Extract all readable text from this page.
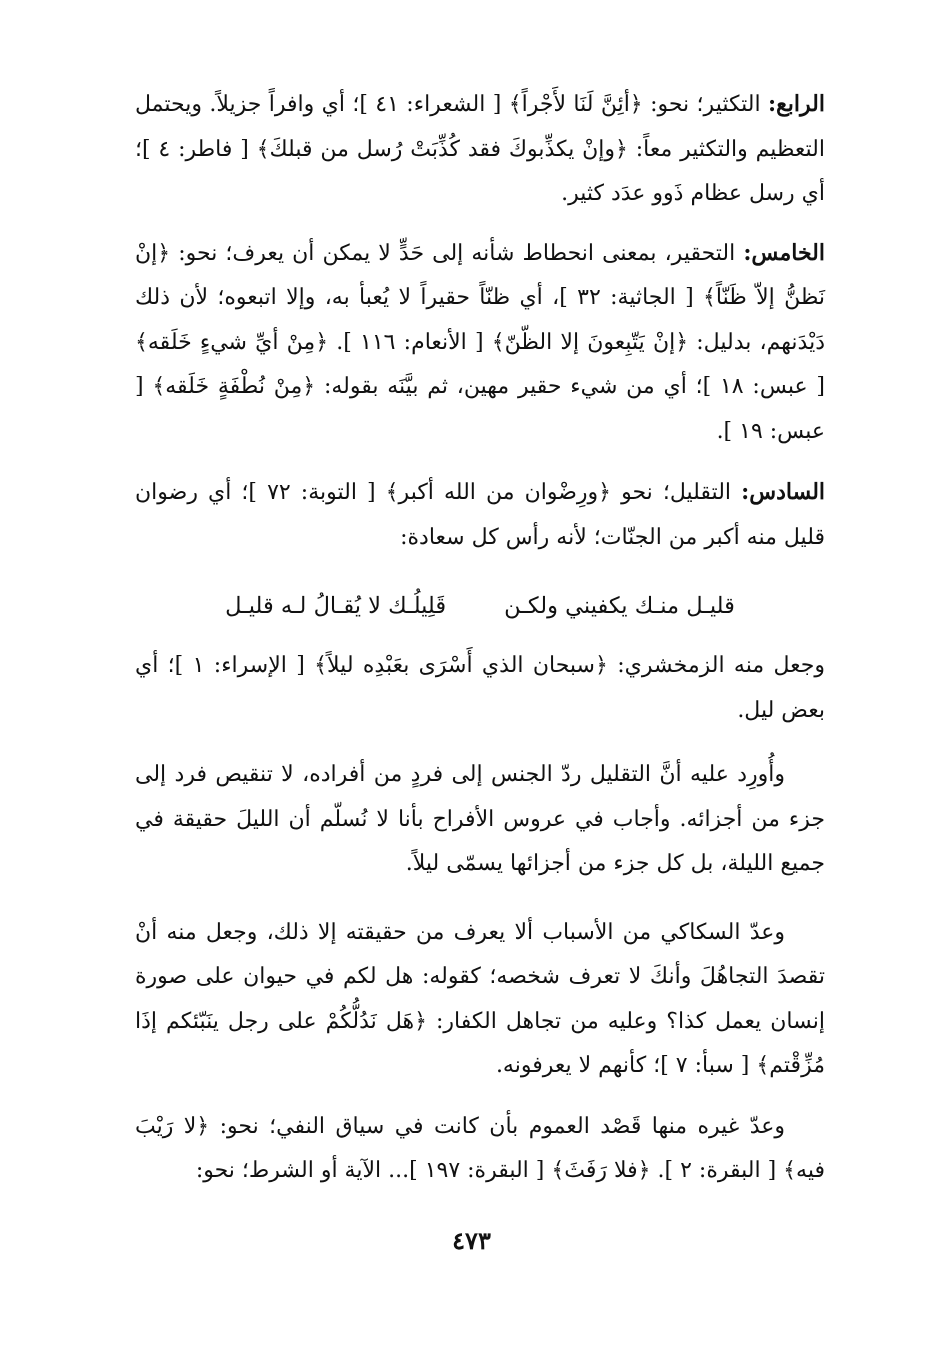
الرابع: التكثير؛ نحو: ﴿أئِنَّ لَنَا لأَجْراً﴾ [ الشعراء: ٤١ ]؛ أي وافراً جزيلاً. ويحتمل التعظيم والتكثير معاً: ﴿وإنْ يكذِّبوكَ فقد كُذِّبَتْ رُسل من قبلكَ﴾ [ فاطر: ٤ ]؛ أي رسل عظام ذَوو عدَد كثير.

الخامس: التحقير، بمعنى انحطاط شأنه إلى حَدٍّ لا يمكن أن يعرف؛ نحو: ﴿إنْ نَظنُّ إلاّ ظَنّاً﴾ [ الجاثية: ٣٢ ]، أي ظنّاً حقيراً لا يُعبأ به، وإلا اتبعوه؛ لأن ذلك دَيْدَنهم، بدليل: ﴿إنْ يَتّبِعونَ إلا الظّنّ﴾ [ الأنعام: ١١٦ ]. ﴿مِنْ أيِّ شيءٍ خَلَقه﴾ [ عبس: ١٨ ]؛ أي من شيء حقير مهين، ثم بيَّنَه بقوله: ﴿مِنْ نُطْفَةٍ خَلَقه﴾ [ عبس: ١٩ ].

السادس: التقليل؛ نحو ﴿ورِضْوان من الله أكبر﴾ [ التوبة: ٧٢ ]؛ أي رضوان قليل منه أكبر من الجنّات؛ لأنه رأس كل سعادة:

قليـل منـك يكفيني ولكـن
قَلِيلُـك لا يُقـالُ لـه قليـل

وجعل منه الزمخشري: ﴿سبحان الذي أَسْرَى بعَبْدِه ليلاً﴾ [ الإسراء: ١ ]؛ أي بعض ليل.

وأُورِد عليه أنَّ التقليل ردّ الجنس إلى فردٍ من أفراده، لا تنقيص فرد إلى جزء من أجزائه. وأجاب في عروس الأفراح بأنا لا نُسلّم أن الليلَ حقيقة في جميع الليلة، بل كل جزء من أجزائها يسمّى ليلاً.

وعدّ السكاكي من الأسباب ألا يعرف من حقيقته إلا ذلك، وجعل منه أنْ تقصدَ التجاهُلَ وأنكَ لا تعرف شخصه؛ كقوله: هل لكم في حيوان على صورة إنسان يعمل كذا؟ وعليه من تجاهل الكفار: ﴿هَل نَدُلُّكُمْ على رجل ينَبّئكم إذَا مُزِّقْتم﴾ [ سبأ: ٧ ]؛ كأنهم لا يعرفونه.

وعدّ غيره منها قَصْد العموم بأن كانت في سياق النفي؛ نحو: ﴿لا رَيْبَ فيه﴾ [ البقرة: ٢ ]. ﴿فلا رَفَثَ﴾ [ البقرة: ١٩٧ ]... الآية أو الشرط؛ نحو:

٤٧٣
